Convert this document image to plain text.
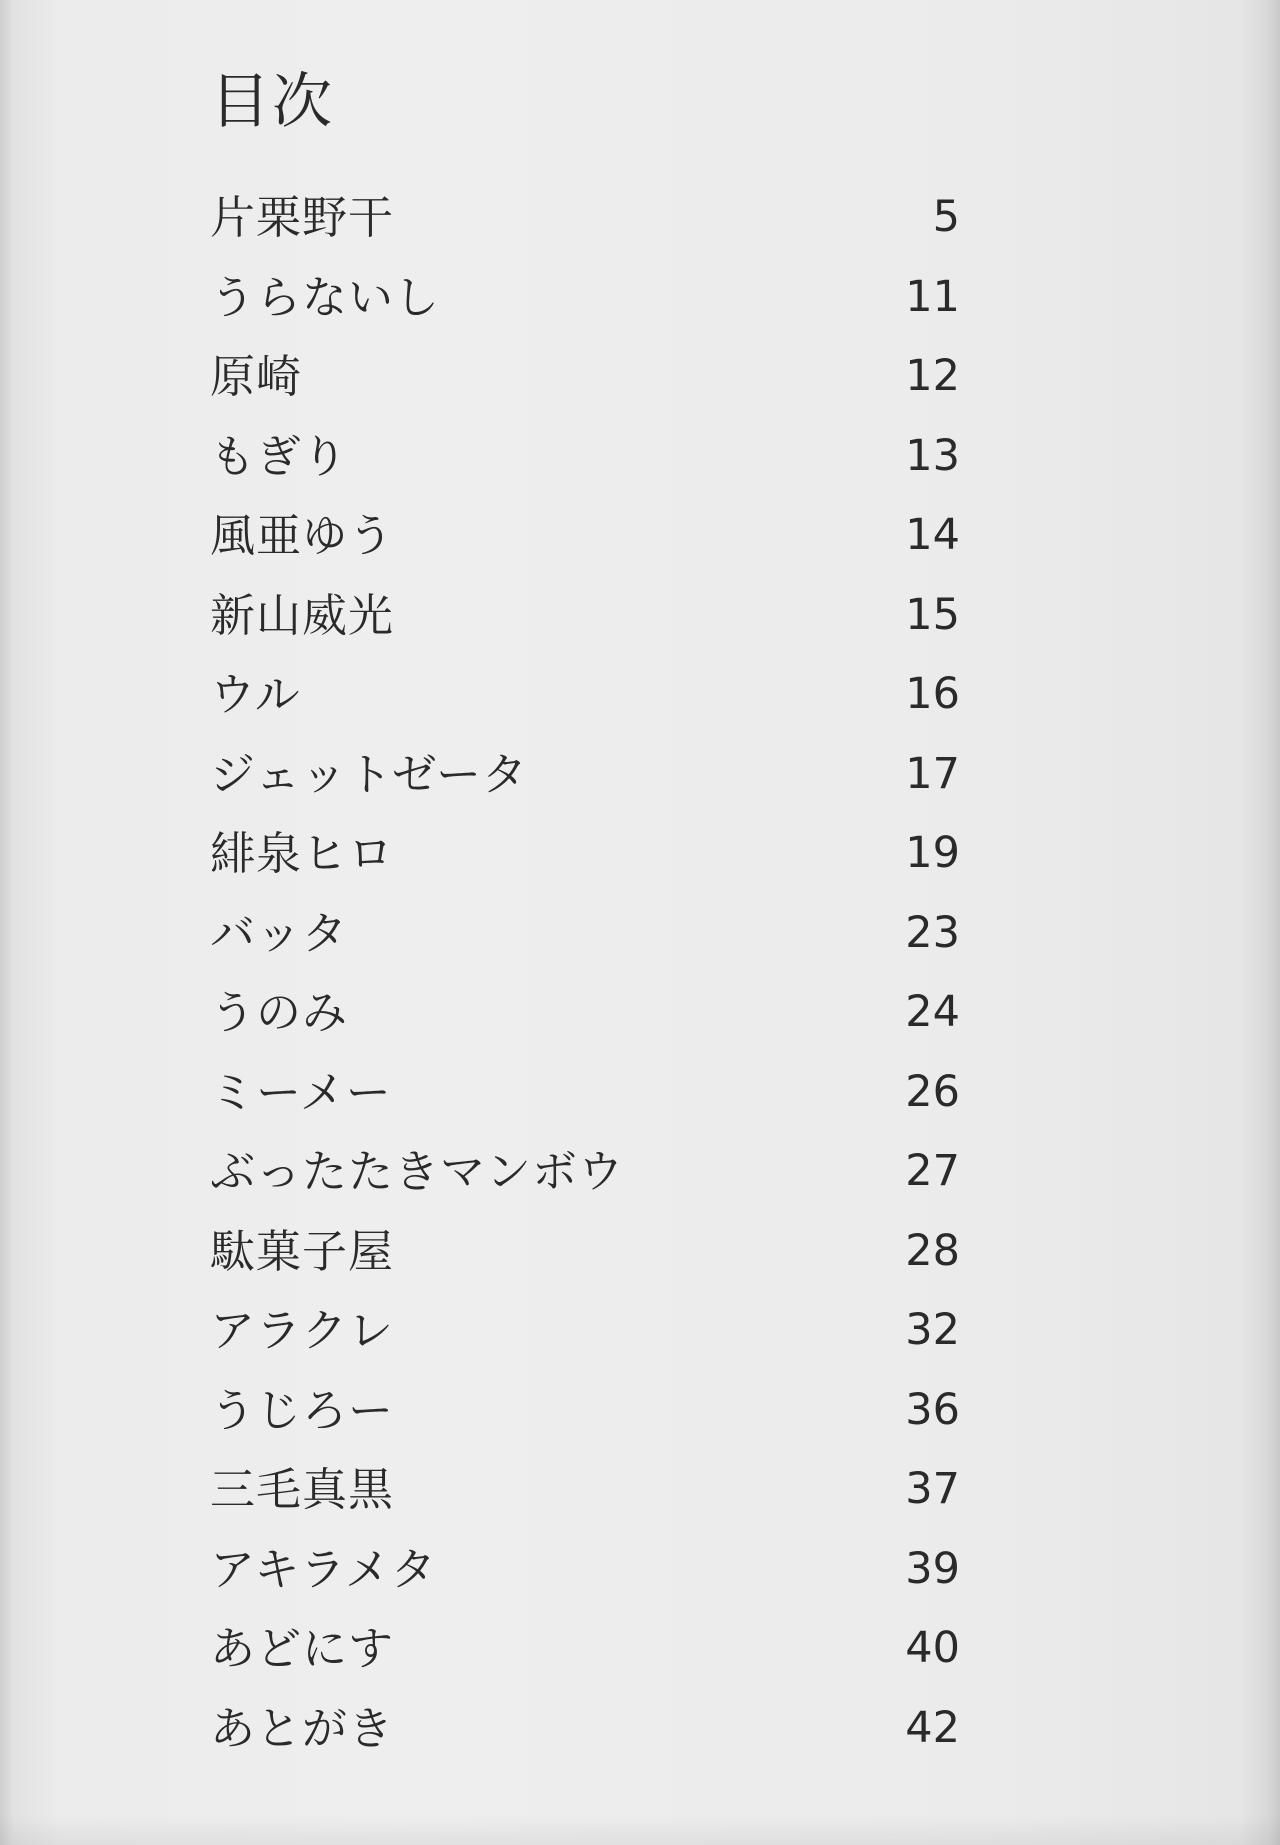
目次
片栗野干	5
うらないし	11
原崎	12
もぎり	13
風亜ゆう	14
新山威光	15
ウル	16
ジェットゼータ	17
緋泉ヒロ	19
バッタ	23
うのみ	24
ミーメー	26
ぶったたきマンボウ	27
駄菓子屋	28
アラクレ	32
うじろー	36
三毛真黒	37
アキラメタ	39
あどにす	40
あとがき	42
